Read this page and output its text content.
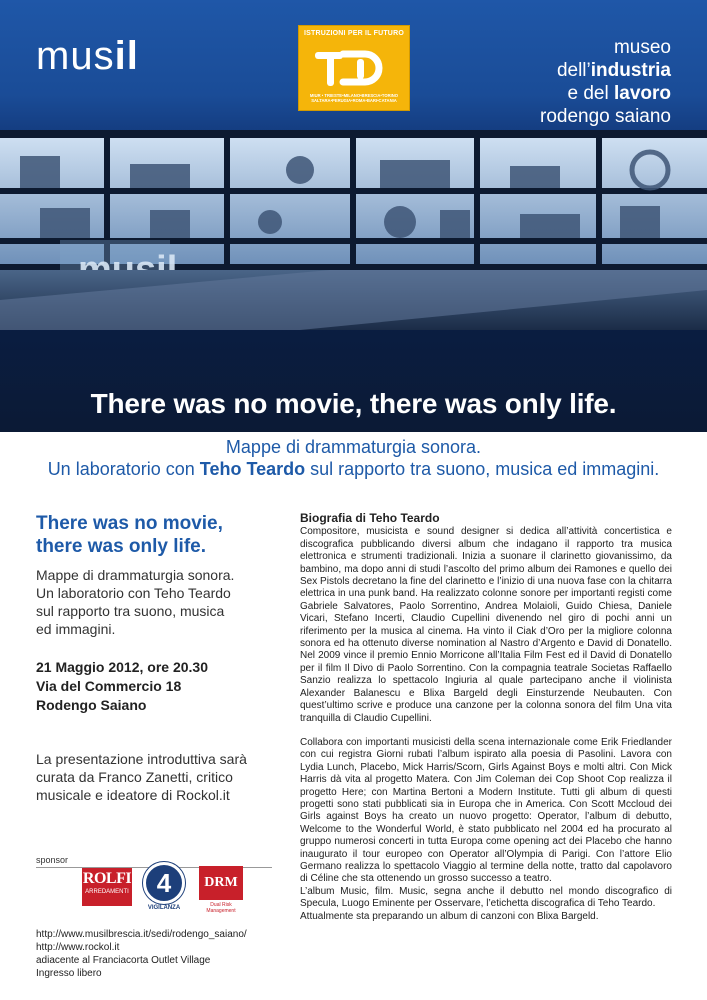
musil
ISTRUZIONI PER IL FUTURO
MIUR • TRIESTE•MILANO•BRESCIA•TORINO SALTARA•PERUGIA•ROMA•BARI•CATANIA
museo
dell’industria
e del lavoro
rodengo saiano
There was no movie, there was only life.
Mappe di drammaturgia sonora.
Un laboratorio con Teho Teardo sul rapporto tra suono, musica ed immagini.
There was no movie,
there was only life.
Mappe di drammaturgia sonora.
Un laboratorio con Teho Teardo
sul rapporto tra suono, musica
ed immagini.
21 Maggio 2012, ore 20.30
Via del Commercio 18
Rodengo Saiano
La presentazione introduttiva sarà
curata da Franco Zanetti, critico
musicale e ideatore di Rockol.it
sponsor
ROLFI
ARREDAMENTI	4
VIGILANZA
DRM
Dual Risk Management
http://www.musilbrescia.it/sedi/rodengo_saiano/
http://www.rockol.it
adiacente al Franciacorta Outlet Village
Ingresso libero
Biografia di Teho Teardo

Compositore, musicista e sound designer si dedica all’attività concertistica e discografica pubblicando diversi album che indagano il rapporto tra musica elettronica e strumenti tradizionali. Inizia a suonare il clarinetto giovanissimo, da bambino, ma dopo anni di studi l’ascolto del primo album dei Ramones e quello dei Sex Pistols decretano la fine del clarinetto e l’inizio di una nuova fase con la chitarra elettrica in una punk band. Ha realizzato colonne sonore per importanti registi come Gabriele Salvatores, Paolo Sorrentino, Andrea Molaioli, Guido Chiesa, Daniele Vicari, Stefano Incerti, Claudio Cupellini divenendo nel giro di pochi anni un riferimento per la musica al cinema. Ha vinto il Ciak d’Oro per la migliore colonna sonora ed ha ottenuto diverse nomination al Nastro d’Argento e David di Donatello. Nel 2009 vince il premio Ennio Morricone all’Italia Film Fest ed il David di Donatello per il film Il Divo di Paolo Sorrentino. Con la compagnia teatrale Societas Raffaello Sanzio realizza lo spettacolo Ingiuria al quale partecipano anche il violinista Alexander Balanescu e Blixa Bargeld degli Einsturzende Neubauten. Con quest’ultimo scrive e produce una canzone per la colonna sonora del film Una vita tranquilla di Claudio Cupellini.

Collabora con importanti musicisti della scena internazionale come Erik Friedlander con cui registra Giorni rubati l’album ispirato alla poesia di Pasolini. Lavora con Lydia Lunch, Placebo, Mick Harris/Scorn, Girls Against Boys e molti altri. Con Mick Harris dà vita al progetto Matera. Con Jim Coleman dei Cop Shoot Cop realizza il progetto Here; con Martina Bertoni a Modern Institute. Tutti gli album di questi progetti sono stati pubblicati sia in Europa che in America. Con Scott Mccloud dei Girls against Boys ha creato un nuovo progetto: Operator, l’album di debutto, Welcome to the Wonderful World, è stato pubblicato nel 2004 ed ha procurato al gruppo numerosi concerti in tutta Europa come opening act dei Placebo che hanno inaugurato il tour europeo con Operator all’Olympia di Parigi. Con l’attore Elio Germano realizza lo spettacolo Viaggio al termine della notte, tratto dal capolavoro di Céline che sta ottenendo un grosso successo a teatro.

L’album Music, film. Music, segna anche il debutto nel mondo discografico di Specula, Luogo Eminente per Osservare, l’etichetta discografica di Teho Teardo.
Attualmente sta preparando un album di canzoni con Blixa Bargeld.
